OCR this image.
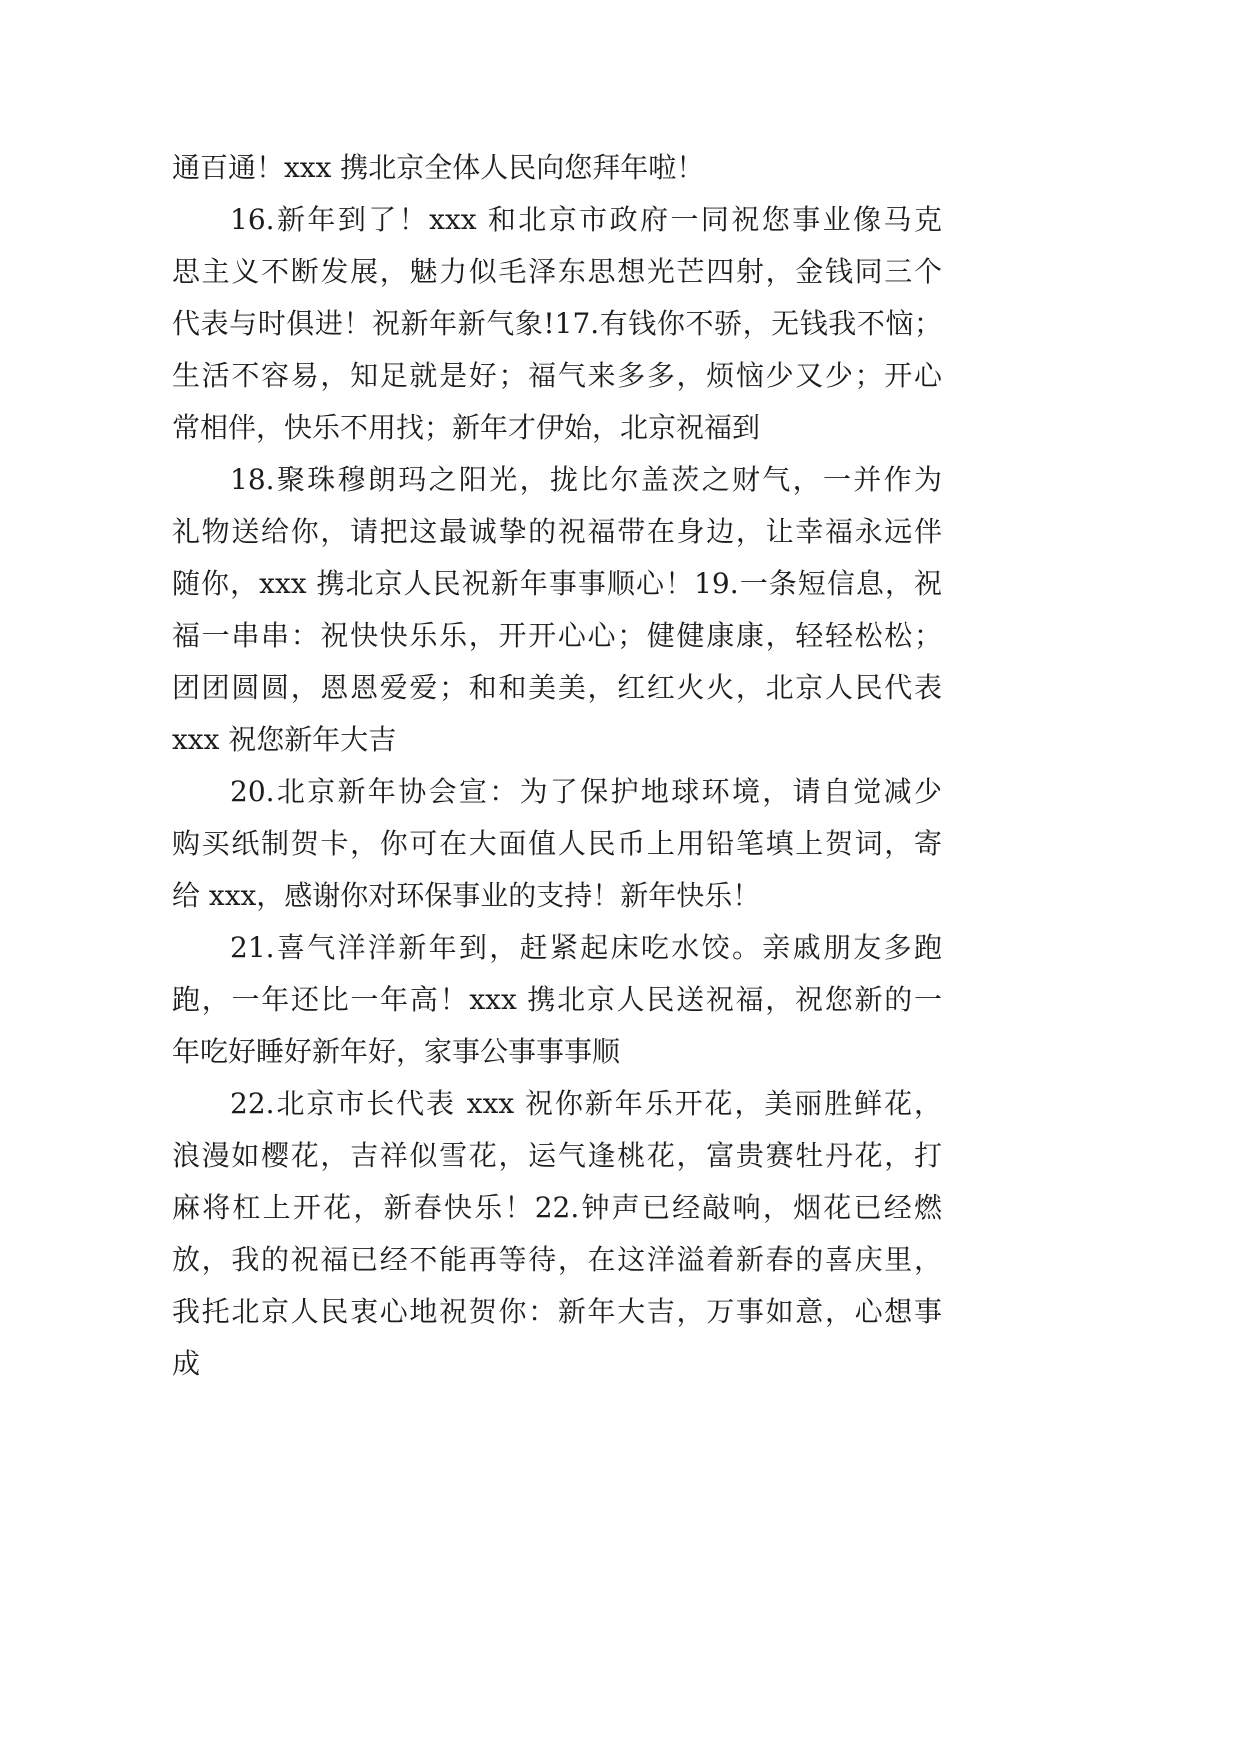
通百通！xxx 携北京全体人民向您拜年啦！
16.新年到了！xxx 和北京市政府一同祝您事业像马克
思主义不断发展，魅力似毛泽东思想光芒四射，金钱同三个
代表与时俱进！祝新年新气象!17.有钱你不骄，无钱我不恼；
生活不容易，知足就是好；福气来多多，烦恼少又少；开心
常相伴，快乐不用找；新年才伊始，北京祝福到
18.聚珠穆朗玛之阳光，拢比尔盖茨之财气，一并作为
礼物送给你，请把这最诚挚的祝福带在身边，让幸福永远伴
随你，xxx 携北京人民祝新年事事顺心！19.一条短信息，祝
福一串串：祝快快乐乐，开开心心；健健康康，轻轻松松；
团团圆圆，恩恩爱爱；和和美美，红红火火，北京人民代表
xxx 祝您新年大吉
20.北京新年协会宣：为了保护地球环境，请自觉减少
购买纸制贺卡，你可在大面值人民币上用铅笔填上贺词，寄
给 xxx，感谢你对环保事业的支持！新年快乐！
21.喜气洋洋新年到，赶紧起床吃水饺。亲戚朋友多跑
跑，一年还比一年高！xxx 携北京人民送祝福，祝您新的一
年吃好睡好新年好，家事公事事事顺
22.北京市长代表 xxx 祝你新年乐开花，美丽胜鲜花，
浪漫如樱花，吉祥似雪花，运气逢桃花，富贵赛牡丹花，打
麻将杠上开花，新春快乐！22.钟声已经敲响，烟花已经燃
放，我的祝福已经不能再等待，在这洋溢着新春的喜庆里，
我托北京人民衷心地祝贺你：新年大吉，万事如意，心想事
成
